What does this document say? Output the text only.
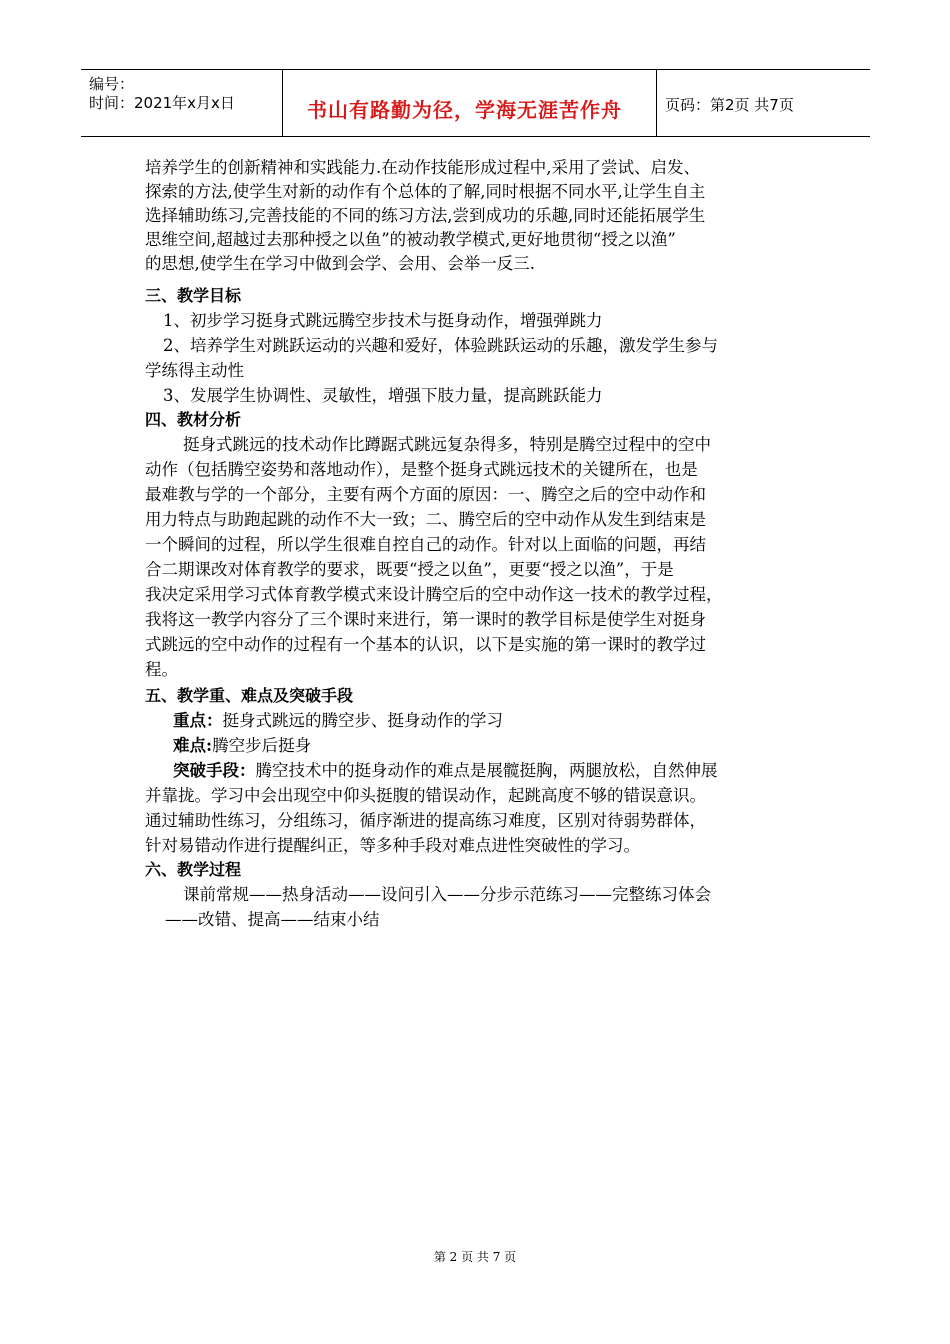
编号：
时间：2021年x月x日	书山有路勤为径，学海无涯苦作舟	页码：第2页 共7页
培养学生的创新精神和实践能力.在动作技能形成过程中,采用了尝试、启发、
探索的方法,使学生对新的动作有个总体的了解,同时根据不同水平,让学生自主
选择辅助练习,完善技能的不同的练习方法,尝到成功的乐趣,同时还能拓展学生
思维空间,超越过去那种授之以鱼”的被动教学模式,更好地贯彻“授之以渔”
的思想,使学生在学习中做到会学、会用、会举一反三.
三、教学目标
1、初步学习挺身式跳远腾空步技术与挺身动作，增强弹跳力
2、培养学生对跳跃运动的兴趣和爱好，体验跳跃运动的乐趣，激发学生参与
学练得主动性
3、发展学生协调性、灵敏性，增强下肢力量，提高跳跃能力
四、教材分析
挺身式跳远的技术动作比蹲踞式跳远复杂得多，特别是腾空过程中的空中
动作（包括腾空姿势和落地动作），是整个挺身式跳远技术的关键所在，也是
最难教与学的一个部分，主要有两个方面的原因：一、腾空之后的空中动作和
用力特点与助跑起跳的动作不大一致；二、腾空后的空中动作从发生到结束是
一个瞬间的过程，所以学生很难自控自己的动作。针对以上面临的问题，再结
合二期课改对体育教学的要求，既要“授之以鱼”，更要“授之以渔”，于是
我决定采用学习式体育教学模式来设计腾空后的空中动作这一技术的教学过程，
我将这一教学内容分了三个课时来进行，第一课时的教学目标是使学生对挺身
式跳远的空中动作的过程有一个基本的认识，以下是实施的第一课时的教学过
程。
五、教学重、难点及突破手段
重点：挺身式跳远的腾空步、挺身动作的学习
难点:腾空步后挺身
突破手段：腾空技术中的挺身动作的难点是展髋挺胸，两腿放松，自然伸展
并靠拢。学习中会出现空中仰头挺腹的错误动作，起跳高度不够的错误意识。
通过辅助性练习，分组练习，循序渐进的提高练习难度，区别对待弱势群体，
针对易错动作进行提醒纠正，等多种手段对难点进性突破性的学习。
六、教学过程
课前常规——热身活动——设问引入——分步示范练习——完整练习体会
——改错、提高——结束小结
第 2 页 共 7 页
